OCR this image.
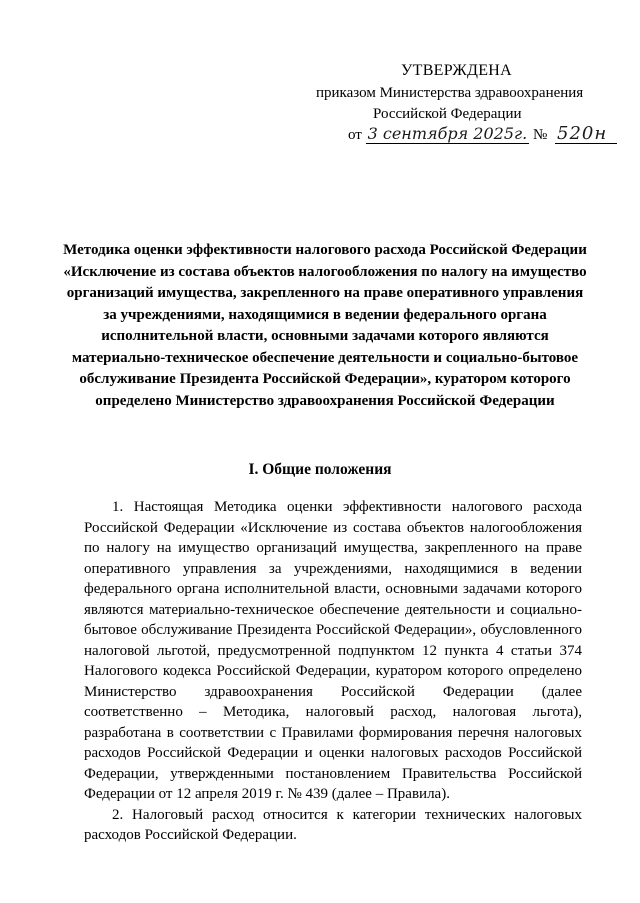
УТВЕРЖДЕНА
приказом Министерства здравоохранения
Российской Федерации
от 3 сентября 2025г. № 520н
Методика оценки эффективности налогового расхода Российской Федерации «Исключение из состава объектов налогообложения по налогу на имущество организаций имущества, закрепленного на праве оперативного управления за учреждениями, находящимися в ведении федерального органа исполнительной власти, основными задачами которого являются материально-техническое обеспечение деятельности и социально-бытовое обслуживание Президента Российской Федерации», куратором которого определено Министерство здравоохранения Российской Федерации
I. Общие положения

1. Настоящая Методика оценки эффективности налогового расхода Российской Федерации «Исключение из состава объектов налогообложения по налогу на имущество организаций имущества, закрепленного на праве оперативного управления за учреждениями, находящимися в ведении федерального органа исполнительной власти, основными задачами которого являются материально-техническое обеспечение деятельности и социально-бытовое обслуживание Президента Российской Федерации», обусловленного налоговой льготой, предусмотренной подпунктом 12 пункта 4 статьи 374 Налогового кодекса Российской Федерации, куратором которого определено Министерство здравоохранения Российской Федерации (далее соответственно – Методика, налоговый расход, налоговая льгота), разработана в соответствии с Правилами формирования перечня налоговых расходов Российской Федерации и оценки налоговых расходов Российской Федерации, утвержденными постановлением Правительства Российской Федерации от 12 апреля 2019 г. № 439 (далее – Правила).

2. Налоговый расход относится к категории технических налоговых расходов Российской Федерации.
